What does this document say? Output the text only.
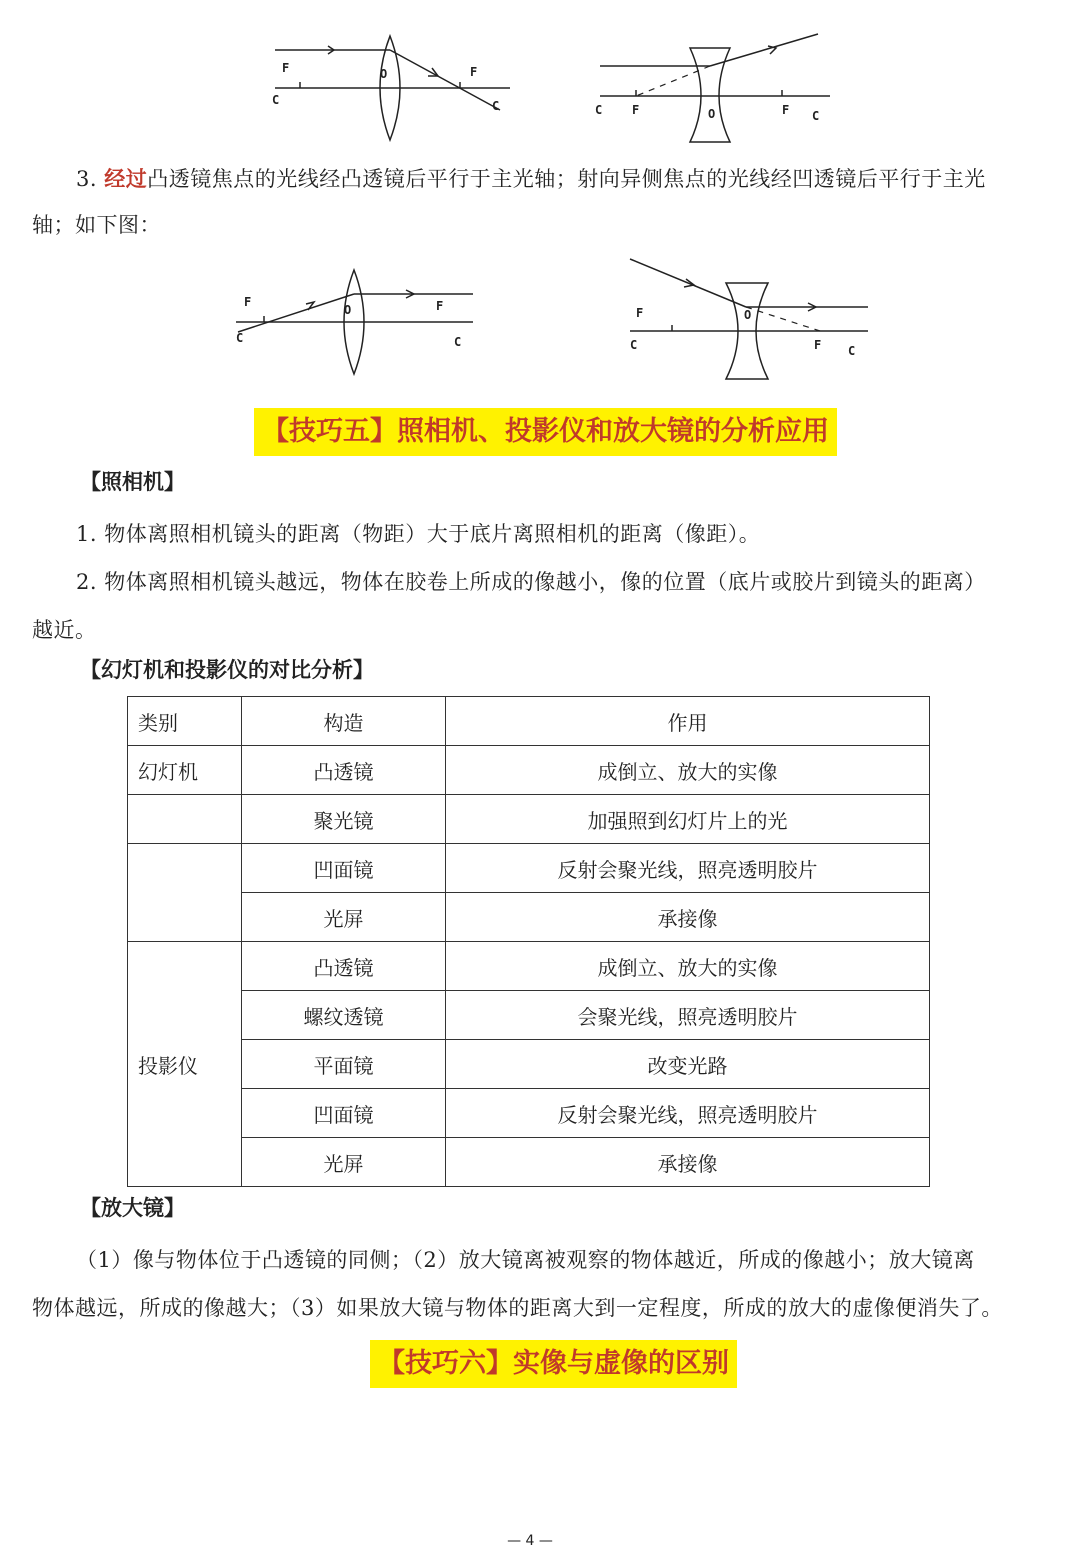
F
C
O	F
C	C F	O	F C
3. 经过凸透镜焦点的光线经凸透镜后平行于主光轴；射向异侧焦点的光线经凹透镜后平行于主光
轴；如下图：
F
C
O	F
C
F
C
O
F C
【技巧五】照相机、投影仪和放大镜的分析应用
【照相机】
1. 物体离照相机镜头的距离（物距）大于底片离照相机的距离（像距）。
2. 物体离照相机镜头越远，物体在胶卷上所成的像越小，像的位置（底片或胶片到镜头的距离）
越近。
【幻灯机和投影仪的对比分析】
类别	构造	作用
幻灯机	凸透镜	成倒立、放大的实像
	聚光镜	加强照到幻灯片上的光
	凹面镜	反射会聚光线，照亮透明胶片
	光屏	承接像
投影仪	凸透镜	成倒立、放大的实像
	螺纹透镜	会聚光线，照亮透明胶片
	平面镜	改变光路
	凹面镜	反射会聚光线，照亮透明胶片
	光屏	承接像
【放大镜】
（1）像与物体位于凸透镜的同侧；（2）放大镜离被观察的物体越近，所成的像越小；放大镜离
物体越远，所成的像越大；（3）如果放大镜与物体的距离大到一定程度，所成的放大的虚像便消失了。
【技巧六】实像与虚像的区别
— 4 —
